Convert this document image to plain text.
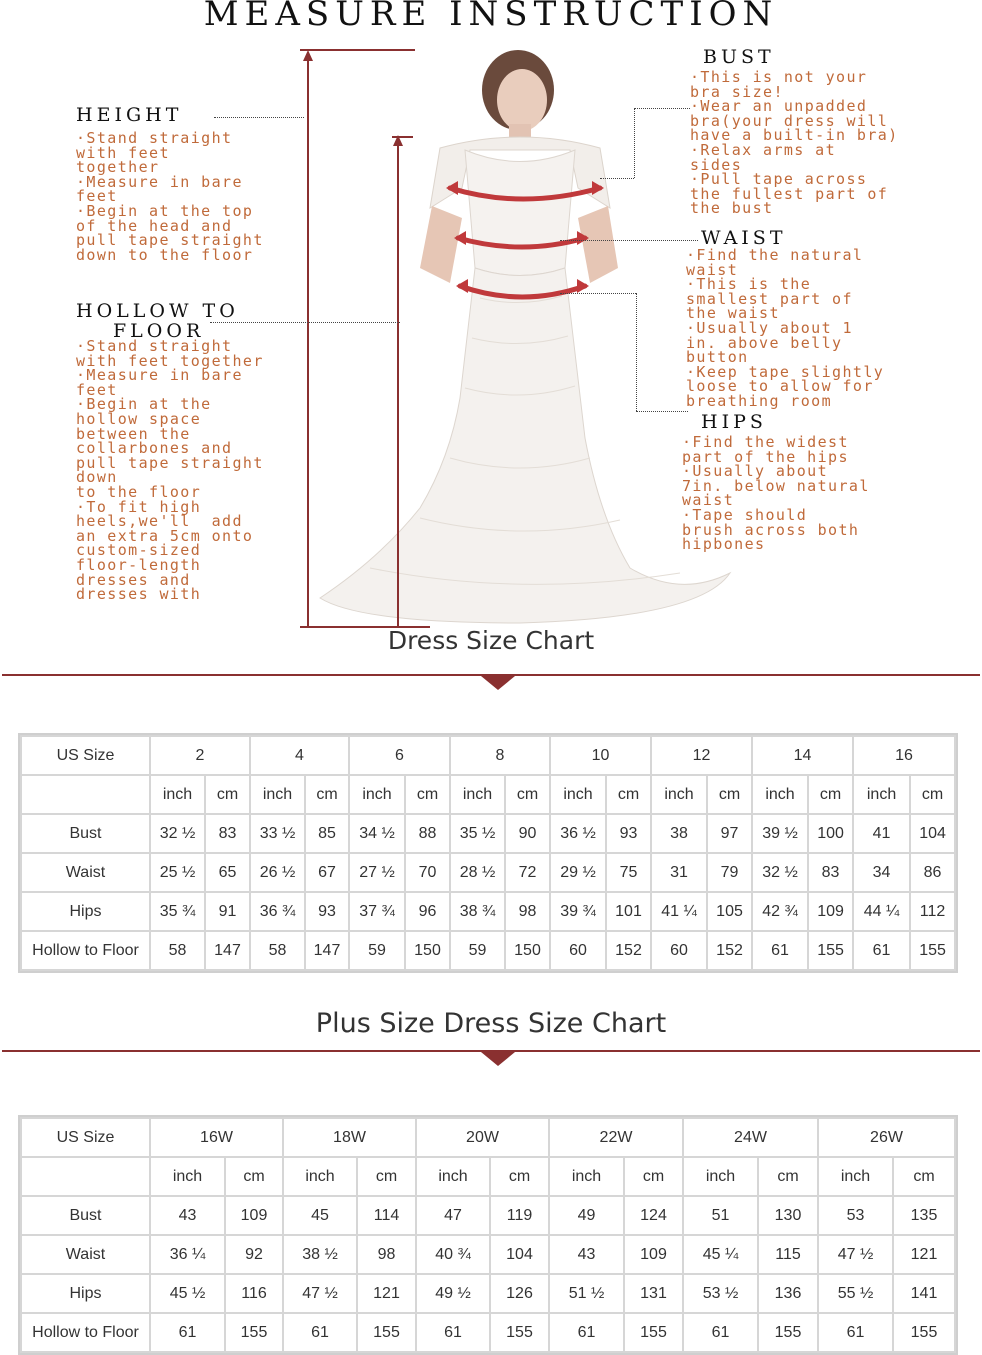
MEASURE INSTRUCTION
HEIGHT
·Stand straight
with feet
together
·Measure in bare
feet
·Begin at the top
of the head and
pull tape straight
down to the floor
HOLLOW TO
FLOOR
·Stand straight
with feet together
·Measure in bare
feet
·Begin at the
hollow space
between the
collarbones and
pull tape straight
down
to the floor
·To fit high
heels,we'll  add
an extra 5cm onto
custom-sized
floor-length
dresses and
dresses with
BUST
·This is not your
bra size!
·Wear an unpadded
bra(your dress will
have a built-in bra)
·Relax arms at
sides
·Pull tape across
the fullest part of
the bust
WAIST
·Find the natural
waist
·This is the
smallest part of
the waist
·Usually about 1
in. above belly
button
·Keep tape slightly
loose to allow for
breathing room
HIPS
·Find the widest
part of the hips
·Usually about
7in. below natural
waist
·Tape should
brush across both
hipbones
Dress Size Chart
US Size	2		4		6		8		10		12		14		16	
	inch	cm	inch	cm	inch	cm	inch	cm	inch	cm	inch	cm	inch	cm	inch	cm
Bust	32 ½	83	33 ½	85	34 ½	88	35 ½	90	36 ½	93	38	97	39 ½	100	41	104
Waist	25 ½	65	26 ½	67	27 ½	70	28 ½	72	29 ½	75	31	79	32 ½	83	34	86
Hips	35 ¾	91	36 ¾	93	37 ¾	96	38 ¾	98	39 ¾	101	41 ¼	105	42 ¾	109	44 ¼	112
Hollow to Floor	58	147	58	147	59	150	59	150	60	152	60	152	61	155	61	155
Plus Size Dress Size Chart
US Size	16W		18W		20W		22W		24W		26W	
	inch	cm	inch	cm	inch	cm	inch	cm	inch	cm	inch	cm
Bust	43	109	45	114	47	119	49	124	51	130	53	135
Waist	36 ¼	92	38 ½	98	40 ¾	104	43	109	45 ¼	115	47 ½	121
Hips	45 ½	116	47 ½	121	49 ½	126	51 ½	131	53 ½	136	55 ½	141
Hollow to Floor	61	155	61	155	61	155	61	155	61	155	61	155
